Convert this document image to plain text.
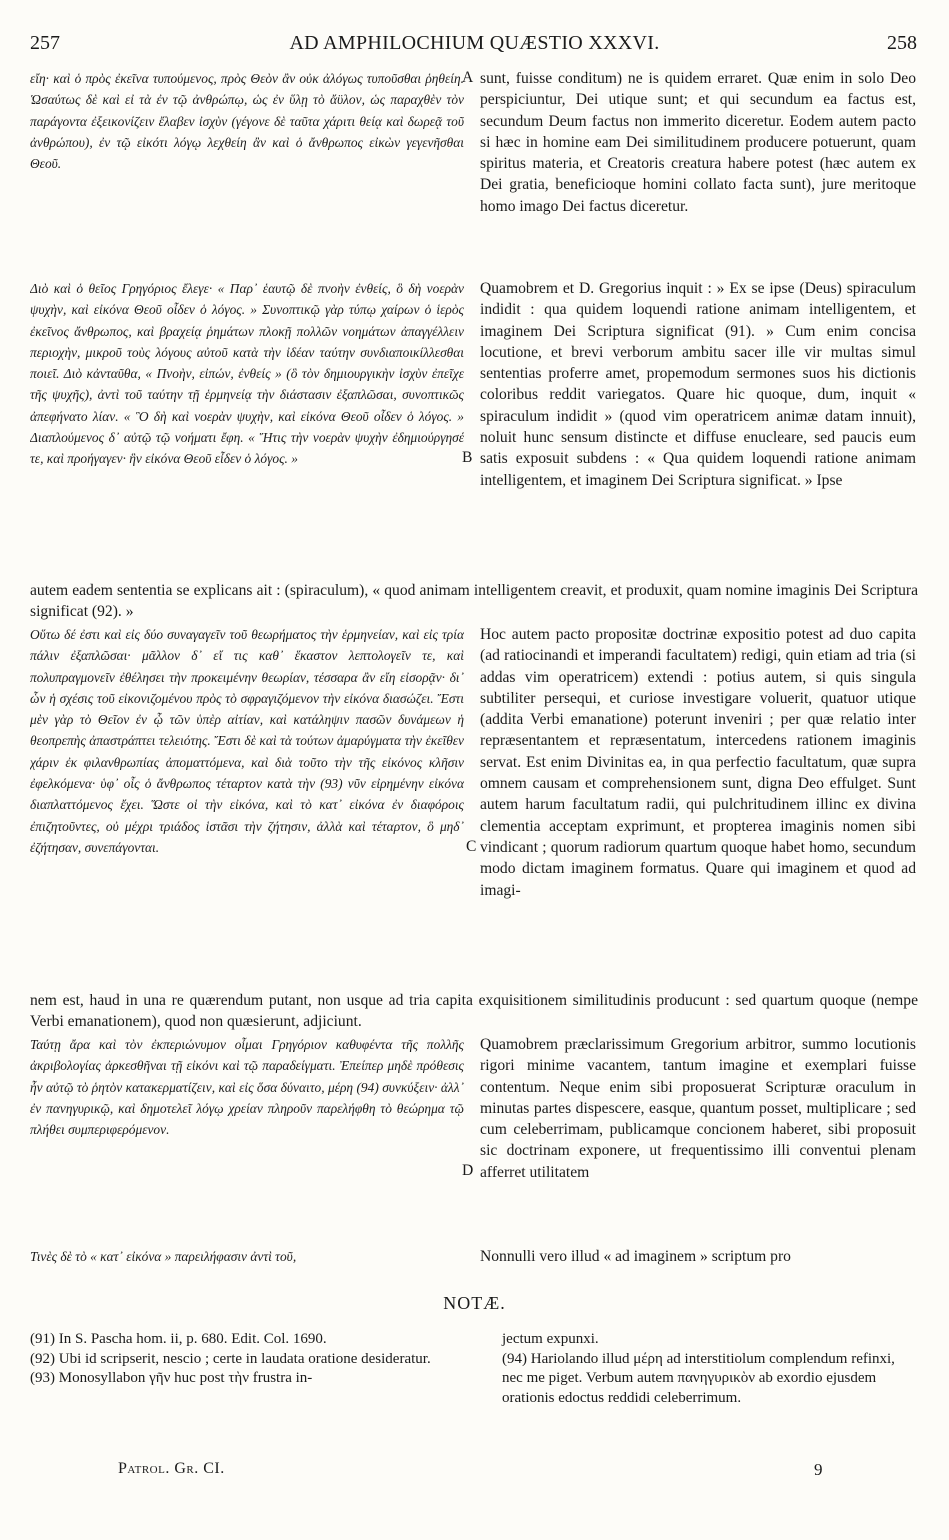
257	AD AMPHILOCHIUM QUÆSTIO XXXVI.	258
εἴη· καὶ ὁ πρὸς ἐκεῖνα τυπούμενος, πρὸς Θεὸν ἂν οὐκ ἀλόγως τυποῦσθαι ῥηθείη. Ὡσαύτως δὲ καὶ εἰ τὰ ἐν τῷ ἀνθρώπῳ, ὡς ἐν ὕλῃ τὸ ἄϋλον, ὡς παραχθὲν τὸν παράγοντα ἐξεικονίζειν ἔλαβεν ἰσχὺν (γέγονε δὲ ταῦτα χάριτι θείᾳ καὶ δωρεᾷ τοῦ ἀνθρώπου), ἐν τῷ εἰκότι λόγῳ λεχθείη ἂν καὶ ὁ ἄνθρωπος εἰκὼν γεγενῆσθαι Θεοῦ.
sunt, fuisse conditum) ne is quidem erraret. Quæ enim in solo Deo perspiciuntur, Dei utique sunt; et qui secundum ea factus est, secundum Deum factus non immerito diceretur. Eodem autem pacto si hæc in homine eam Dei similitudinem producere potuerunt, quam spiritus materia, et Creatoris creatura habere potest (hæc autem ex Dei gratia, beneficioque homini collato facta sunt), jure meritoque homo imago Dei factus diceretur.
A
Διὸ καὶ ὁ θεῖος Γρηγόριος ἔλεγε· « Παρ᾽ ἑαυτῷ δὲ πνοὴν ἐνθείς, ὃ δὴ νοερὰν ψυχὴν, καὶ εἰκόνα Θεοῦ οἶδεν ὁ λόγος. » Συνοπτικῷ γὰρ τύπῳ χαίρων ὁ ἱερὸς ἐκεῖνος ἄνθρωπος, καὶ βραχείᾳ ῥημάτων πλοκῇ πολλῶν νοημάτων ἀπαγγέλλειν περιοχὴν, μικροῦ τοὺς λόγους αὐτοῦ κατὰ τὴν ἰδέαν ταύτην συνδιαποικίλλεσθαι ποιεῖ. Διὸ κἀνταῦθα, « Πνοὴν, εἰπών, ἐνθείς » (ὃ τὸν δημιουργικὴν ἰσχὺν ἐπεῖχε τῆς ψυχῆς), ἀντὶ τοῦ ταύτην τῇ ἑρμηνείᾳ τὴν διάστασιν ἐξαπλῶσαι, συνοπτικῶς ἀπεφήνατο λίαν. « Ὃ δὴ καὶ νοερὰν ψυχὴν, καὶ εἰκόνα Θεοῦ οἶδεν ὁ λόγος. » Διαπλούμενος δ᾽ αὐτῷ τῷ νοήματι ἔφη. « Ἥτις τὴν νοερὰν ψυχὴν ἐδημιούργησέ τε, καὶ προήγαγεν· ἣν εἰκόνα Θεοῦ εἶδεν ὁ λόγος. »
Quamobrem et D. Gregorius inquit : » Ex se ipse (Deus) spiraculum indidit : qua quidem loquendi ratione animam intelligentem, et imaginem Dei Scriptura significat (91). » Cum enim concisa locutione, et brevi verborum ambitu sacer ille vir multas simul sententias proferre amet, propemodum sermones suos his dictionis coloribus reddit variegatos. Quare hic quoque, dum, inquit « spiraculum indidit » (quod vim operatricem animæ datam innuit), noluit hunc sensum distincte et diffuse enucleare, sed paucis eum satis exposuit subdens : « Qua quidem loquendi ratione animam intelligentem, et imaginem Dei Scriptura significat. » Ipse
B
autem eadem sententia se explicans ait : (spiraculum), « quod animam intelligentem creavit, et produxit, quam nomine imaginis Dei Scriptura significat (92). »
Οὕτω δέ ἐστι καὶ εἰς δύο συναγαγεῖν τοῦ θεωρήματος τὴν ἑρμηνείαν, καὶ εἰς τρία πάλιν ἐξαπλῶσαι· μᾶλλον δ᾽ εἴ τις καθ᾽ ἕκαστον λεπτολογεῖν τε, καὶ πολυπραγμονεῖν ἐθέλησει τὴν προκειμένην θεωρίαν, τέσσαρα ἂν εἴη εἰσορᾷν· δι᾽ ὧν ἡ σχέσις τοῦ εἰκονιζομένου πρὸς τὸ σφραγιζόμενον τὴν εἰκόνα διασώζει. Ἔστι μὲν γὰρ τὸ Θεῖον ἐν ᾧ τῶν ὑπὲρ αἰτίαν, καὶ κατάληψιν πασῶν δυνάμεων ἡ θεοπρεπὴς ἀπαστράπτει τελειότης. Ἔστι δὲ καὶ τὰ τούτων ἀμαρύγματα τὴν ἐκεῖθεν χάριν ἐκ φιλανθρωπίας ἀποματτόμενα, καὶ διὰ τοῦτο τὴν τῆς εἰκόνος κλῆσιν ἐφελκόμενα· ὑφ᾽ οἷς ὁ ἄνθρωπος τέταρτον κατὰ τὴν (93) νῦν εἰρημένην εἰκόνα διαπλαττόμενος ἔχει. Ὥστε οἱ τὴν εἰκόνα, καὶ τὸ κατ᾽ εἰκόνα ἐν διαφόροις ἐπιζητοῦντες, οὐ μέχρι τριάδος ἱστᾶσι τὴν ζήτησιν, ἀλλὰ καὶ τέταρτον, ὃ μηδ᾽ ἐζήτησαν, συνεπάγονται.
Hoc autem pacto propositæ doctrinæ expositio potest ad duo capita (ad ratiocinandi et imperandi facultatem) redigi, quin etiam ad tria (si addas vim operatricem) extendi : potius autem, si quis singula subtiliter persequi, et curiose investigare voluerit, quatuor utique (addita Verbi emanatione) poterunt inveniri ; per quæ relatio inter repræsentantem et repræsentatum, intercedens rationem imaginis servat. Est enim Divinitas ea, in qua perfectio facultatum, quæ supra omnem causam et comprehensionem sunt, digna Deo effulget. Sunt autem harum facultatum radii, qui pulchritudinem illinc ex divina clementia acceptam exprimunt, et propterea imaginis nomen sibi vindicant ; quorum radiorum quartum quoque habet homo, secundum modo dictam imaginem formatus. Quare qui imaginem et quod ad imagi-
C
nem est, haud in una re quærendum putant, non usque ad tria capita exquisitionem similitudinis producunt : sed quartum quoque (nempe Verbi emanationem), quod non quæsierunt, adjiciunt.
Ταύτῃ ἄρα καὶ τὸν ἐκπεριώνυμον οἶμαι Γρηγόριον καθυφέντα τῆς πολλῆς ἀκριβολογίας ἀρκεσθῆναι τῇ εἰκόνι καὶ τῷ παραδείγματι. Ἐπείπερ μηδὲ πρόθεσις ἦν αὐτῷ τὸ ῥητὸν κατακερματίζειν, καὶ εἰς ὅσα δύναιτο, μέρη (94) συνκύξειν· ἀλλ᾽ ἐν πανηγυρικῷ, καὶ δημοτελεῖ λόγῳ χρείαν πληροῦν παρελήφθη τὸ θεώρημα τῷ πλήθει συμπεριφερόμενον.
Quamobrem præclarissimum Gregorium arbitror, summo locutionis rigori minime vacantem, tantum imagine et exemplari fuisse contentum. Neque enim sibi proposuerat Scripturæ oraculum in minutas partes dispescere, easque, quantum posset, multiplicare ; sed cum celeberrimam, publicamque concionem haberet, sibi proposuit sic doctrinam exponere, ut frequentissimo illi conventui plenam afferret utilitatem
D
Τινὲς δὲ τὸ « κατ᾽ εἰκόνα » παρειλήφασιν ἀντὶ τοῦ,	Nonnulli vero illud « ad imaginem » scriptum pro
NOTÆ.

(91) In S. Pascha hom. ii, p. 680. Edit. Col. 1690.

(92) Ubi id scripserit, nescio ; certe in laudata oratione desideratur.

(93) Monosyllabon γῆν huc post τὴν frustra in-

jectum expunxi.

(94) Hariolando illud μέρη ad interstitiolum complendum refinxi, nec me piget. Verbum autem πανηγυρικὸν ab exordio ejusdem orationis edoctus reddidi celeberrimum.

Patrol. Gr. CI.	9
